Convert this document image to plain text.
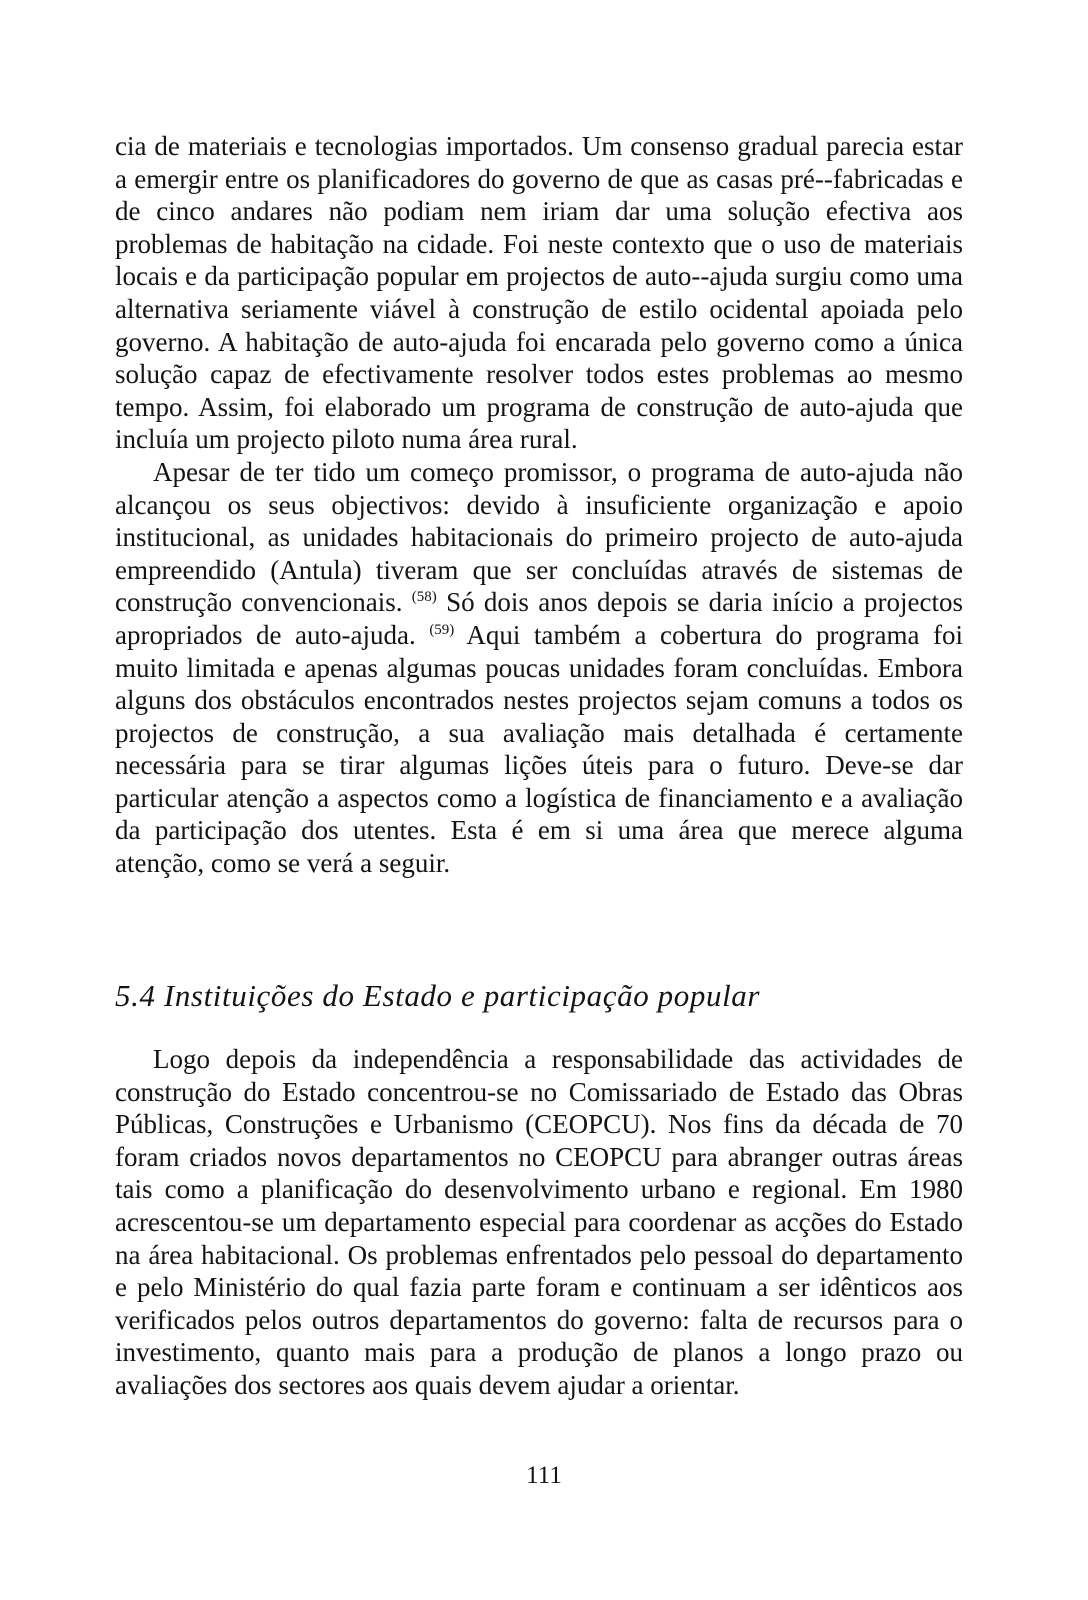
cia de materiais e tecnologias importados. Um consenso gradual parecia estar a emergir entre os planificadores do governo de que as casas pré--fabricadas e de cinco andares não podiam nem iriam dar uma solução efectiva aos problemas de habitação na cidade. Foi neste contexto que o uso de materiais locais e da participação popular em projectos de auto--ajuda surgiu como uma alternativa seriamente viável à construção de estilo ocidental apoiada pelo governo. A habitação de auto-ajuda foi encarada pelo governo como a única solução capaz de efectivamente resolver todos estes problemas ao mesmo tempo. Assim, foi elaborado um programa de construção de auto-ajuda que incluía um projecto piloto numa área rural.

Apesar de ter tido um começo promissor, o programa de auto-ajuda não alcançou os seus objectivos: devido à insuficiente organização e apoio institucional, as unidades habitacionais do primeiro projecto de auto-ajuda empreendido (Antula) tiveram que ser concluídas através de sistemas de construção convencionais. $^{(58)}$ Só dois anos depois se daria início a projectos apropriados de auto-ajuda. $^{(59)}$ Aqui também a cobertura do programa foi muito limitada e apenas algumas poucas unidades foram concluídas. Embora alguns dos obstáculos encontrados nestes projectos sejam comuns a todos os projectos de construção, a sua avaliação mais detalhada é certamente necessária para se tirar algumas lições úteis para o futuro. Deve-se dar particular atenção a aspectos como a logística de financiamento e a avaliação da participação dos utentes. Esta é em si uma área que merece alguma atenção, como se verá a seguir.

5.4 Instituições do Estado e participação popular

Logo depois da independência a responsabilidade das actividades de construção do Estado concentrou-se no Comissariado de Estado das Obras Públicas, Construções e Urbanismo (CEOPCU). Nos fins da década de 70 foram criados novos departamentos no CEOPCU para abranger outras áreas tais como a planificação do desenvolvimento urbano e regional. Em 1980 acrescentou-se um departamento especial para coordenar as acções do Estado na área habitacional. Os problemas enfrentados pelo pessoal do departamento e pelo Ministério do qual fazia parte foram e continuam a ser idênticos aos verificados pelos outros departamentos do governo: falta de recursos para o investimento, quanto mais para a produção de planos a longo prazo ou avaliações dos sectores aos quais devem ajudar a orientar.

111
